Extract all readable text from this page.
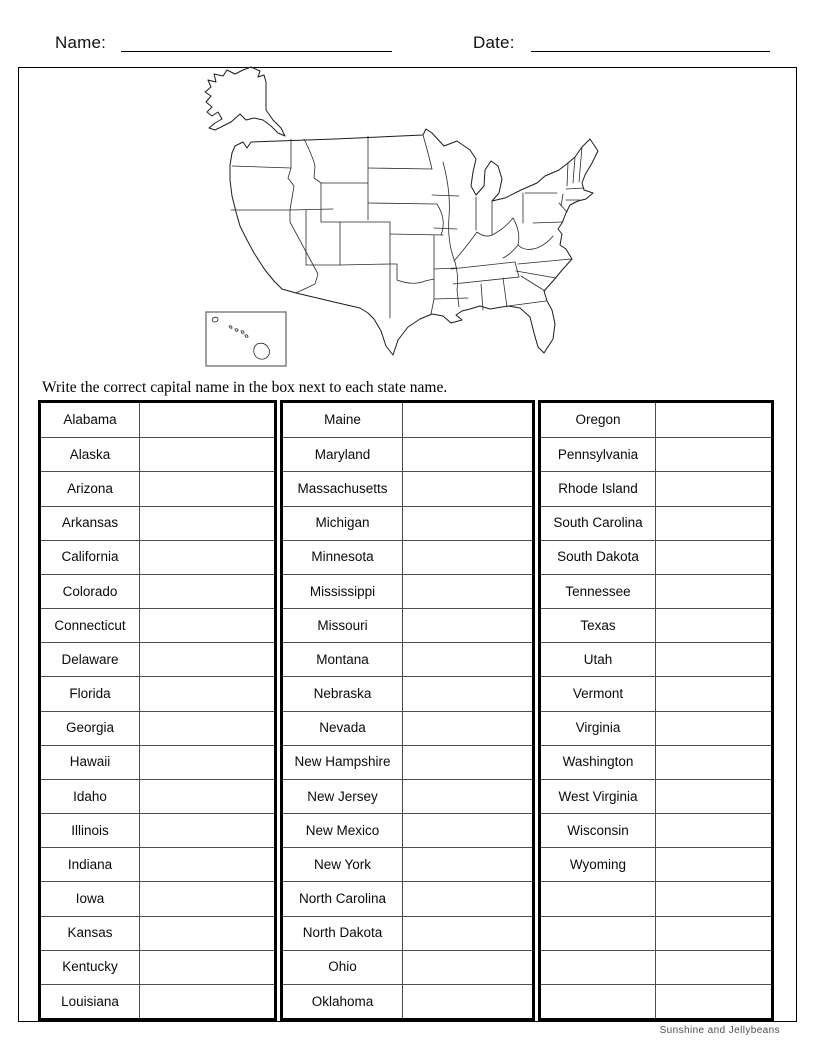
Name:	Date:
Write the correct capital name in the box next to each state name.
Alabama
Alaska
Arizona
Arkansas
California
Colorado
Connecticut
Delaware
Florida
Georgia
Hawaii
Idaho
Illinois
Indiana
Iowa
Kansas
Kentucky
Louisiana
Maine
Maryland
Massachusetts
Michigan
Minnesota
Mississippi
Missouri
Montana
Nebraska
Nevada
New Hampshire
New Jersey
New Mexico
New York
North Carolina
North Dakota
Ohio
Oklahoma
Oregon
Pennsylvania
Rhode Island
South Carolina
South Dakota
Tennessee
Texas
Utah
Vermont
Virginia
Washington
West Virginia
Wisconsin
Wyoming
Sunshine and Jellybeans
